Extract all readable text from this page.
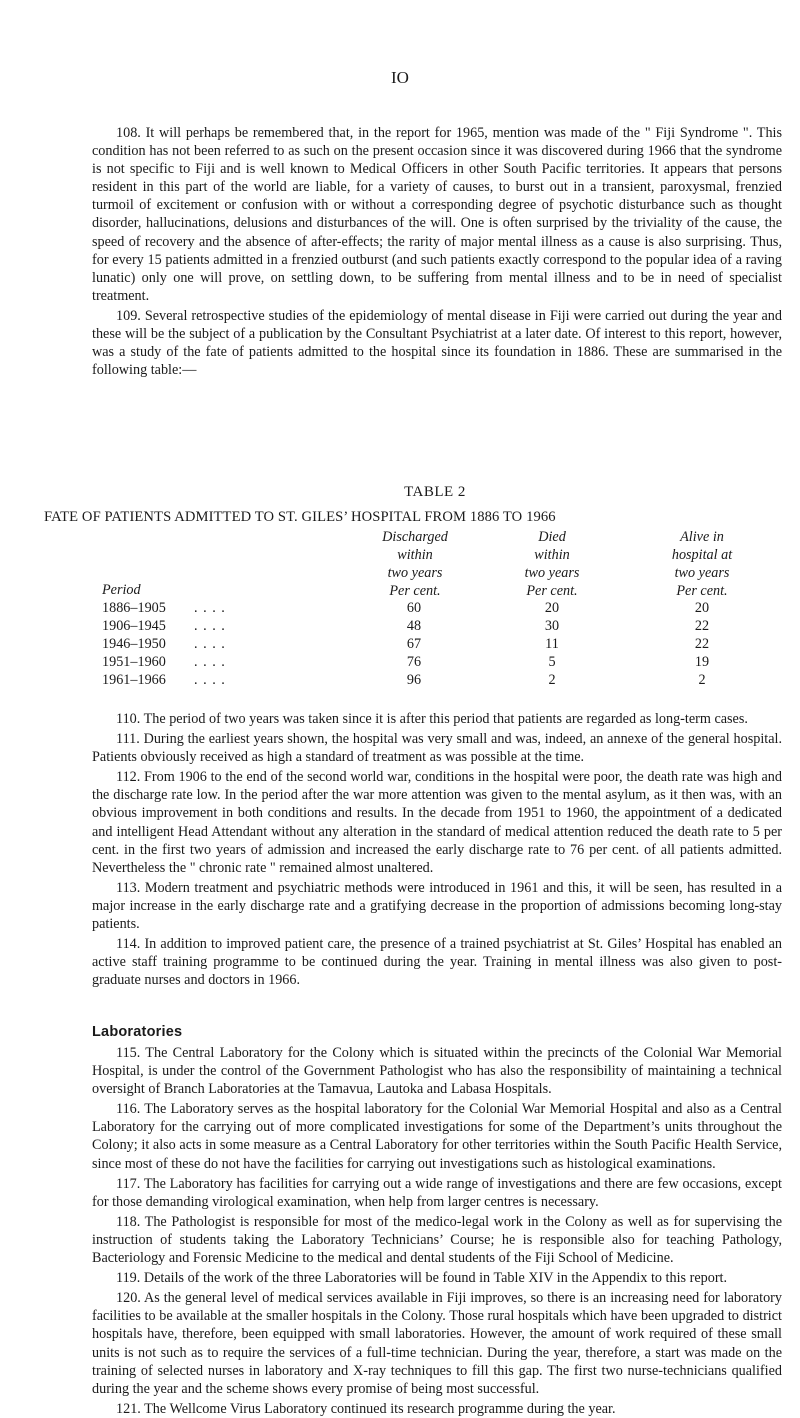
IO

108. It will perhaps be remembered that, in the report for 1965, mention was made of the " Fiji Syndrome ". This condition has not been referred to as such on the present occasion since it was discovered during 1966 that the syndrome is not specific to Fiji and is well known to Medical Officers in other South Pacific territories. It appears that persons resident in this part of the world are liable, for a variety of causes, to burst out in a transient, paroxysmal, frenzied turmoil of excitement or confusion with or without a corresponding degree of psychotic disturbance such as thought disorder, hallucinations, delusions and disturbances of the will. One is often surprised by the triviality of the cause, the speed of recovery and the absence of after-effects; the rarity of major mental illness as a cause is also surprising. Thus, for every 15 patients admitted in a frenzied outburst (and such patients exactly correspond to the popular idea of a raving lunatic) only one will prove, on settling down, to be suffering from mental illness and to be in need of specialist treatment.

109. Several retrospective studies of the epidemiology of mental disease in Fiji were carried out during the year and these will be the subject of a publication by the Consultant Psychiatrist at a later date. Of interest to this report, however, was a study of the fate of patients admitted to the hospital since its foundation in 1886. These are summarised in the following table:—

TABLE 2
FATE OF PATIENTS ADMITTED TO ST. GILES’ HOSPITAL FROM 1886 TO 1966
Period
Discharged
within
two years
Per cent.
Died
within
two years
Per cent.
Alive in
hospital at
two years
Per cent.
1886–1905 . . . .	60	20	20
1906–1945 . . . .	48	30	22
1946–1950 . . . .	67	11	22
1951–1960 . . . .	76	5	19
1961–1966 . . . .	96	2	2

110. The period of two years was taken since it is after this period that patients are regarded as long-term cases.

111. During the earliest years shown, the hospital was very small and was, indeed, an annexe of the general hospital. Patients obviously received as high a standard of treatment as was possible at the time.

112. From 1906 to the end of the second world war, conditions in the hospital were poor, the death rate was high and the discharge rate low. In the period after the war more attention was given to the mental asylum, as it then was, with an obvious improvement in both conditions and results. In the decade from 1951 to 1960, the appointment of a dedicated and intelligent Head Attendant without any alteration in the standard of medical attention reduced the death rate to 5 per cent. in the first two years of admission and increased the early discharge rate to 76 per cent. of all patients admitted. Nevertheless the " chronic rate " remained almost unaltered.

113. Modern treatment and psychiatric methods were introduced in 1961 and this, it will be seen, has resulted in a major increase in the early discharge rate and a gratifying decrease in the proportion of admissions becoming long-stay patients.

114. In addition to improved patient care, the presence of a trained psychiatrist at St. Giles’ Hospital has enabled an active staff training programme to be continued during the year. Training in mental illness was also given to post-graduate nurses and doctors in 1966.

Laboratories

115. The Central Laboratory for the Colony which is situated within the precincts of the Colonial War Memorial Hospital, is under the control of the Government Pathologist who has also the responsibility of maintaining a technical oversight of Branch Laboratories at the Tamavua, Lautoka and Labasa Hospitals.

116. The Laboratory serves as the hospital laboratory for the Colonial War Memorial Hospital and also as a Central Laboratory for the carrying out of more complicated investigations for some of the Department’s units throughout the Colony; it also acts in some measure as a Central Laboratory for other territories within the South Pacific Health Service, since most of these do not have the facilities for carrying out investigations such as histological examinations.

117. The Laboratory has facilities for carrying out a wide range of investigations and there are few occasions, except for those demanding virological examination, when help from larger centres is necessary.

118. The Pathologist is responsible for most of the medico-legal work in the Colony as well as for supervising the instruction of students taking the Laboratory Technicians’ Course; he is responsible also for teaching Pathology, Bacteriology and Forensic Medicine to the medical and dental students of the Fiji School of Medicine.

119. Details of the work of the three Laboratories will be found in Table XIV in the Appendix to this report.

120. As the general level of medical services available in Fiji improves, so there is an increasing need for laboratory facilities to be available at the smaller hospitals in the Colony. Those rural hospitals which have been upgraded to district hospitals have, therefore, been equipped with small laboratories. However, the amount of work required of these small units is not such as to require the services of a full-time technician. During the year, therefore, a start was made on the training of selected nurses in laboratory and X-ray techniques to fill this gap. The first two nurse-technicians qualified during the year and the scheme shows every promise of being most successful.

121. The Wellcome Virus Laboratory continued its research programme during the year.
